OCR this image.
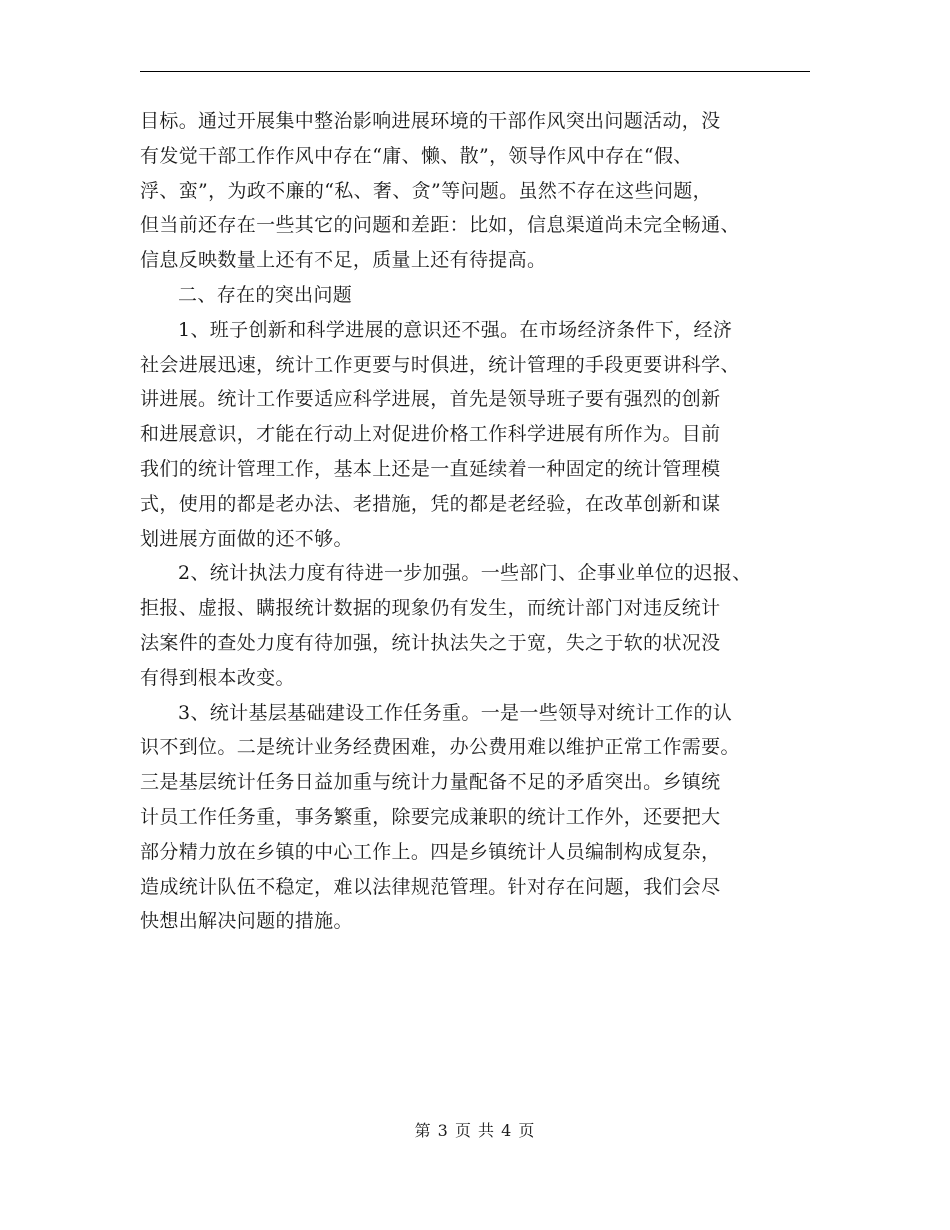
目标。通过开展集中整治影响进展环境的干部作风突出问题活动，没
有发觉干部工作作风中存在“庸、懒、散”，领导作风中存在“假、
浮、蛮”，为政不廉的“私、奢、贪”等问题。虽然不存在这些问题，
但当前还存在一些其它的问题和差距：比如，信息渠道尚未完全畅通、
信息反映数量上还有不足，质量上还有待提高。
二、存在的突出问题
1、班子创新和科学进展的意识还不强。在市场经济条件下，经济
社会进展迅速，统计工作更要与时俱进，统计管理的手段更要讲科学、
讲进展。统计工作要适应科学进展，首先是领导班子要有强烈的创新
和进展意识，才能在行动上对促进价格工作科学进展有所作为。目前
我们的统计管理工作，基本上还是一直延续着一种固定的统计管理模
式，使用的都是老办法、老措施，凭的都是老经验，在改革创新和谋
划进展方面做的还不够。
2、统计执法力度有待进一步加强。一些部门、企事业单位的迟报、
拒报、虚报、瞒报统计数据的现象仍有发生，而统计部门对违反统计
法案件的查处力度有待加强，统计执法失之于宽，失之于软的状况没
有得到根本改变。
3、统计基层基础建设工作任务重。一是一些领导对统计工作的认
识不到位。二是统计业务经费困难，办公费用难以维护正常工作需要。
三是基层统计任务日益加重与统计力量配备不足的矛盾突出。乡镇统
计员工作任务重，事务繁重，除要完成兼职的统计工作外，还要把大
部分精力放在乡镇的中心工作上。四是乡镇统计人员编制构成复杂，
造成统计队伍不稳定，难以法律规范管理。针对存在问题，我们会尽
快想出解决问题的措施。
第 3 页 共 4 页
